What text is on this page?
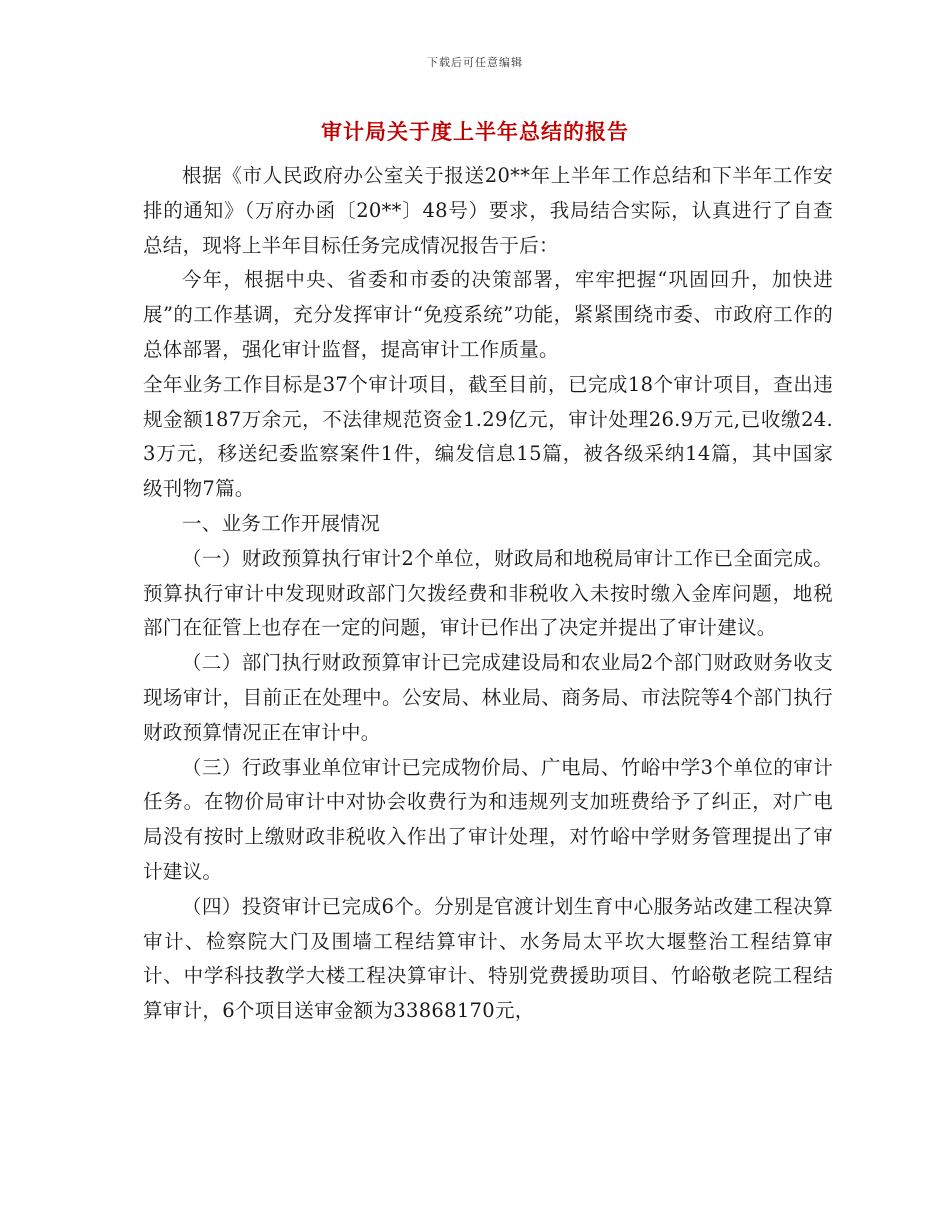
下载后可任意编辑
审计局关于度上半年总结的报告

根据《市人民政府办公室关于报送20**年上半年工作总结和下半年工作安排的通知》（万府办函〔20**〕48号）要求，我局结合实际，认真进行了自查总结，现将上半年目标任务完成情况报告于后：

今年，根据中央、省委和市委的决策部署，牢牢把握“巩固回升，加快进展”的工作基调，充分发挥审计“免疫系统”功能，紧紧围绕市委、市政府工作的总体部署，强化审计监督，提高审计工作质量。

全年业务工作目标是37个审计项目，截至目前，已完成18个审计项目，查出违规金额187万余元，不法律规范资金1.29亿元，审计处理26.9万元,已收缴24.3万元，移送纪委监察案件1件，编发信息15篇，被各级采纳14篇，其中国家级刊物7篇。

一、业务工作开展情况

（一）财政预算执行审计2个单位，财政局和地税局审计工作已全面完成。预算执行审计中发现财政部门欠拨经费和非税收入未按时缴入金库问题，地税部门在征管上也存在一定的问题，审计已作出了决定并提出了审计建议。

（二）部门执行财政预算审计已完成建设局和农业局2个部门财政财务收支现场审计，目前正在处理中。公安局、林业局、商务局、市法院等4个部门执行财政预算情况正在审计中。

（三）行政事业单位审计已完成物价局、广电局、竹峪中学3个单位的审计任务。在物价局审计中对协会收费行为和违规列支加班费给予了纠正，对广电局没有按时上缴财政非税收入作出了审计处理，对竹峪中学财务管理提出了审计建议。

（四）投资审计已完成6个。分别是官渡计划生育中心服务站改建工程决算审计、检察院大门及围墙工程结算审计、水务局太平坎大堰整治工程结算审计、中学科技教学大楼工程决算审计、特别党费援助项目、竹峪敬老院工程结算审计，6个项目送审金额为33868170元，
